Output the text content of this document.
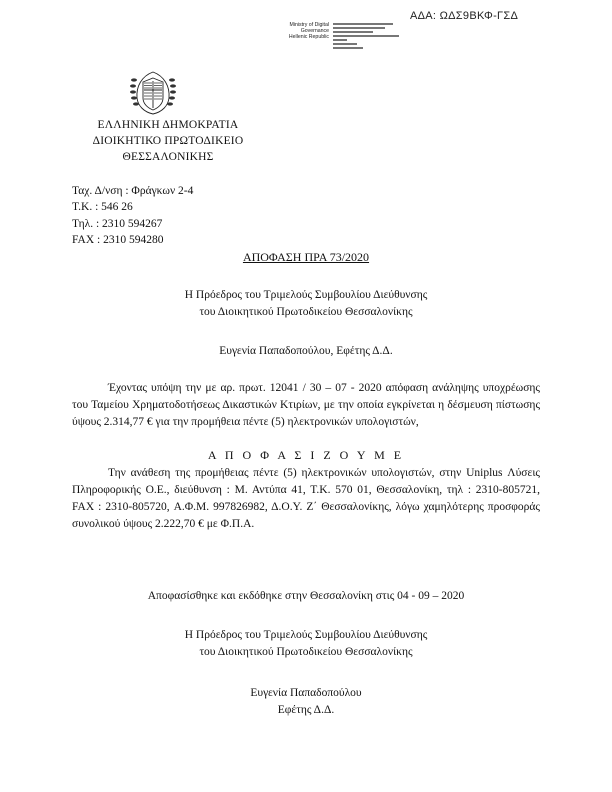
ΑΔΑ: ΩΔΣ9ΒΚΦ-ΓΣΔ
Ministry of Digital
Governance
Hellenic Republic
ΕΛΛΗΝΙΚΗ ΔΗΜΟΚΡΑΤΙΑ
ΔΙΟΙΚΗΤΙΚΟ ΠΡΩΤΟΔΙΚΕΙΟ
ΘΕΣΣΑΛΟΝΙΚΗΣ
Ταχ. Δ/νση : Φράγκων 2-4
Τ.Κ. : 546 26
Τηλ. : 2310 594267
FAX : 2310 594280
ΑΠΟΦΑΣΗ ΠΡΑ 73/2020
Η Πρόεδρος του Τριμελούς Συμβουλίου Διεύθυνσης
του Διοικητικού Πρωτοδικείου Θεσσαλονίκης
Ευγενία Παπαδοπούλου, Εφέτης Δ.Δ.
Έχοντας υπόψη την με αρ. πρωτ. 12041 / 30 – 07 - 2020 απόφαση ανάληψης υποχρέωσης του Ταμείου Χρηματοδοτήσεως Δικαστικών Κτιρίων, με την οποία εγκρίνεται η δέσμευση πίστωσης ύψους 2.314,77 € για την προμήθεια πέντε (5) ηλεκτρονικών υπολογιστών,
Α Π Ο Φ Α Σ Ι Ζ Ο Υ Μ Ε
Την ανάθεση της προμήθειας πέντε (5) ηλεκτρονικών υπολογιστών, στην Uniplus Λύσεις Πληροφορικής Ο.Ε., διεύθυνση : Μ. Αντύπα 41, Τ.Κ. 570 01, Θεσσαλονίκη, τηλ : 2310-805721, FAX : 2310-805720, Α.Φ.Μ. 997826982, Δ.Ο.Υ. Ζ΄ Θεσσαλονίκης, λόγω χαμηλότερης προσφοράς συνολικού ύψους 2.222,70 € με Φ.Π.Α.
Αποφασίσθηκε και εκδόθηκε στην Θεσσαλονίκη στις 04 - 09 – 2020
Η Πρόεδρος του Τριμελούς Συμβουλίου Διεύθυνσης
του Διοικητικού Πρωτοδικείου Θεσσαλονίκης
Ευγενία Παπαδοπούλου
Εφέτης Δ.Δ.
